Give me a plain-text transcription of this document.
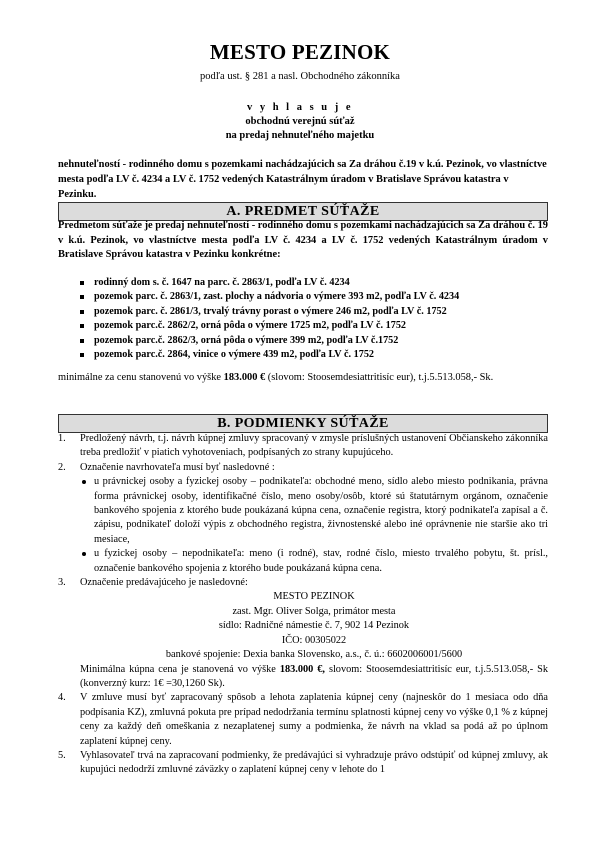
MESTO PEZINOK
podľa ust. § 281 a nasl. Obchodného zákonníka
v y h l a s u j e
obchodnú verejnú súťaž
na predaj nehnuteľného majetku
nehnuteľností - rodinného domu s pozemkami nachádzajúcich sa Za dráhou č.19 v k.ú. Pezinok, vo vlastníctve mesta podľa LV č. 4234 a LV č. 1752 vedených Katastrálnym úradom v Bratislave Správou katastra v Pezinku.
A. PREDMET SÚŤAŽE
Predmetom súťaže je predaj nehnuteľností - rodinného domu s pozemkami nachádzajúcich sa Za dráhou č. 19 v k.ú. Pezinok, vo vlastníctve mesta podľa LV č. 4234 a LV č. 1752 vedených Katastrálnym úradom v Bratislave Správou katastra v Pezinku konkrétne:
rodinný dom s. č. 1647 na parc. č. 2863/1, podľa LV č. 4234
pozemok parc. č. 2863/1, zast. plochy a nádvoria o výmere 393 m2, podľa LV č. 4234
pozemok parc. č. 2861/3, trvalý trávny porast o výmere 246 m2, podľa LV č. 1752
pozemok parc.č. 2862/2, orná pôda o výmere 1725 m2, podľa LV č. 1752
pozemok parc.č. 2862/3, orná pôda o výmere 399 m2, podľa LV č.1752
pozemok parc.č. 2864, vinice o výmere 439 m2, podľa LV č. 1752
minimálne za cenu stanovenú vo výške 183.000 € (slovom: Stoosemdesiattritisíc eur), t.j.5.513.058,- Sk.
B. PODMIENKY SÚŤAŽE
1. Predložený návrh, t.j. návrh kúpnej zmluvy spracovaný v zmysle príslušných ustanovení Občianskeho zákonníka treba predložiť v piatich vyhotoveniach, podpísaných zo strany kupujúceho.
2. Označenie navrhovateľa musí byť nasledovné :
u právnickej osoby a fyzickej osoby – podnikateľa: obchodné meno, sídlo alebo miesto podnikania, právna forma právnickej osoby, identifikačné číslo, meno osoby/osôb, ktoré sú štatutárnym orgánom, označenie bankového spojenia z ktorého bude poukázaná kúpna cena, označenie registra, ktorý podnikateľa zapísal a č. zápisu, podnikateľ doloží výpis z obchodného registra, živnostenské alebo iné oprávnenie nie staršie ako tri mesiace,
u fyzickej osoby – nepodnikateľa: meno (i rodné), stav, rodné číslo, miesto trvalého pobytu, št. prísl., označenie bankového spojenia z ktorého bude poukázaná kúpna cena.
3. Označenie predávajúceho je nasledovné:
MESTO PEZINOK
zast. Mgr. Oliver Solga, primátor mesta
sídlo: Radničné námestie č. 7, 902 14 Pezinok
IČO: 00305022
bankové spojenie: Dexia banka Slovensko, a.s., č. ú.: 6602006001/5600
Minimálna kúpna cena je stanovená vo výške 183.000 €, slovom: Stoosemdesiattritisíc eur, t.j.5.513.058,- Sk (konverzný kurz: 1€ =30,1260 Sk).
4. V zmluve musí byť zapracovaný spôsob a lehota zaplatenia kúpnej ceny (najneskôr do 1 mesiaca odo dňa podpísania KZ), zmluvná pokuta pre prípad nedodržania termínu splatnosti kúpnej ceny vo výške 0,1 % z kúpnej ceny za každý deň omeškania z nezaplatenej sumy a podmienka, že návrh na vklad sa podá až po úplnom zaplatení kúpnej ceny.
5. Vyhlasovateľ trvá na zapracovaní podmienky, že predávajúci si vyhradzuje právo odstúpiť od kúpnej zmluvy, ak kupujúci nedodrží zmluvné záväzky o zaplatení kúpnej ceny v lehote do 1
